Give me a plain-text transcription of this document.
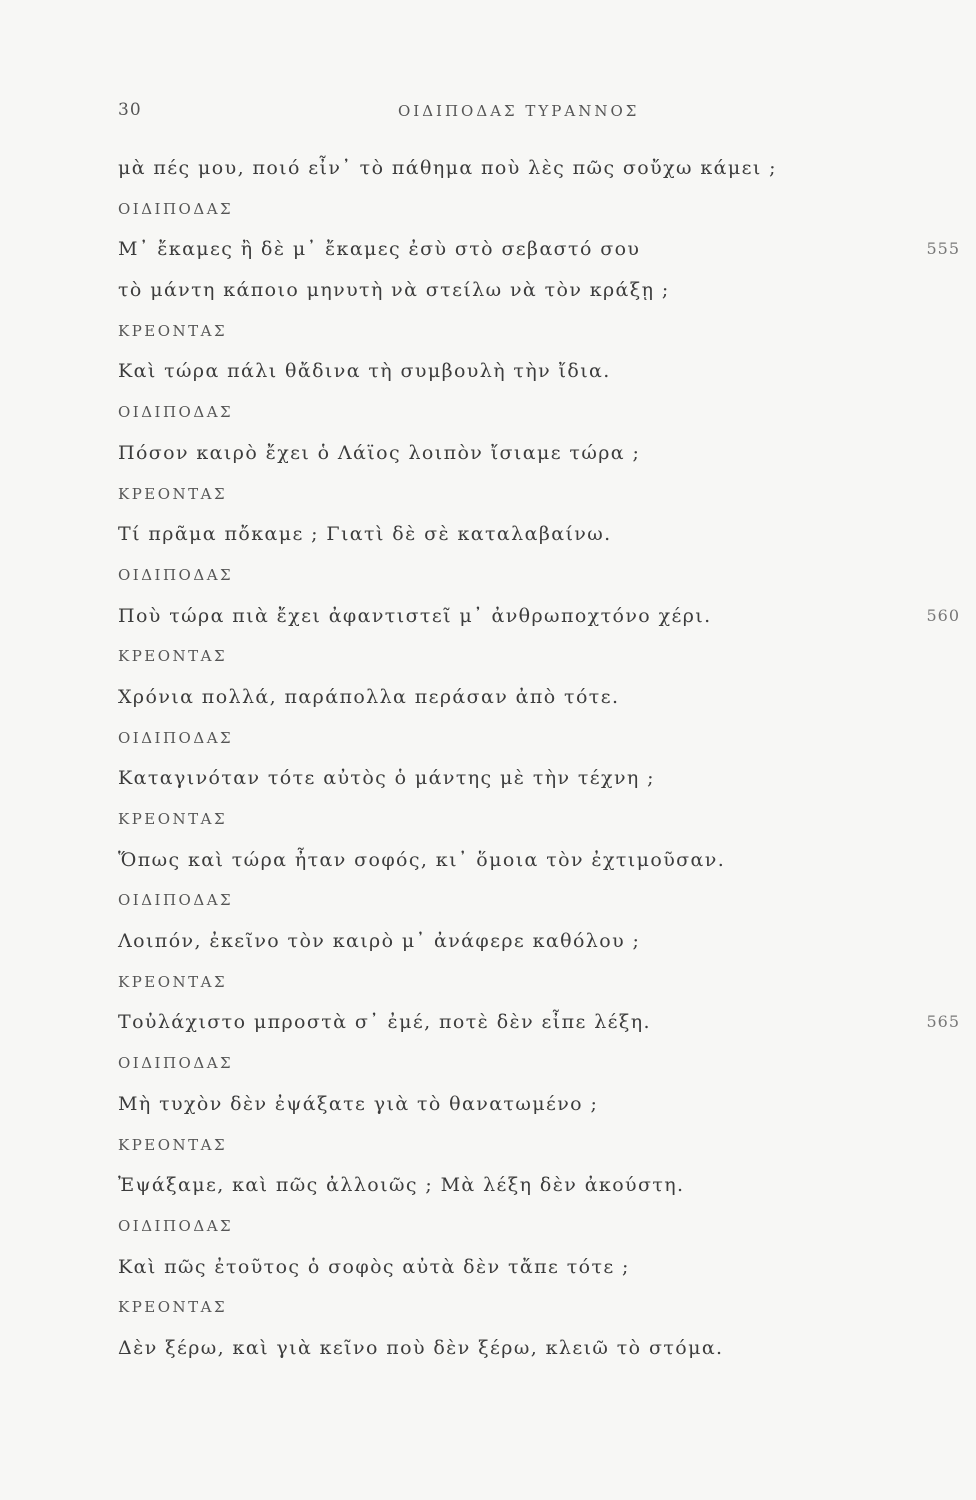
30	ΟΙΔΙΠΟΔΑΣ ΤΥΡΑΝΝΟΣ
μὰ πές μου, ποιό εἶν᾽ τὸ πάθημα ποὺ λὲς πῶς σοὔχω κάμει ;
ΟΙΔΙΠΟΔΑΣ
Μ᾽ ἔκαμες ἢ δὲ μ᾽ ἔκαμες ἐσὺ στὸ σεβαστό σου	555
τὸ μάντη κάποιο μηνυτὴ νὰ στείλω νὰ τὸν κράξῃ ;
ΚΡΕΟΝΤΑΣ
Καὶ τώρα πάλι θἄδινα τὴ συμβουλὴ τὴν ἴδια.
ΟΙΔΙΠΟΔΑΣ
Πόσον καιρὸ ἔχει ὁ Λάϊος λοιπὸν ἴσιαμε τώρα ;
ΚΡΕΟΝΤΑΣ
Τί πρᾶμα πὄκαμε ; Γιατὶ δὲ σὲ καταλαβαίνω.
ΟΙΔΙΠΟΔΑΣ
Ποὺ τώρα πιὰ ἔχει ἀφαντιστεῖ μ᾽ ἀνθρωποχτόνο χέρι.	560
ΚΡΕΟΝΤΑΣ
Χρόνια πολλά, παράπολλα περάσαν ἀπὸ τότε.
ΟΙΔΙΠΟΔΑΣ
Καταγινόταν τότε αὐτὸς ὁ μάντης μὲ τὴν τέχνη ;
ΚΡΕΟΝΤΑΣ
Ὅπως καὶ τώρα ἦταν σοφός, κι᾽ ὅμοια τὸν ἐχτιμοῦσαν.
ΟΙΔΙΠΟΔΑΣ
Λοιπόν, ἐκεῖνο τὸν καιρὸ μ᾽ ἀνάφερε καθόλου ;
ΚΡΕΟΝΤΑΣ
Τοὐλάχιστο μπροστὰ σ᾽ ἐμέ, ποτὲ δὲν εἶπε λέξη.	565
ΟΙΔΙΠΟΔΑΣ
Μὴ τυχὸν δὲν ἐψάξατε γιὰ τὸ θανατωμένο ;
ΚΡΕΟΝΤΑΣ
Ἐψάξαμε, καὶ πῶς ἀλλοιῶς ; Μὰ λέξη δὲν ἀκούστη.
ΟΙΔΙΠΟΔΑΣ
Καὶ πῶς ἐτοῦτος ὁ σοφὸς αὐτὰ δὲν τἄπε τότε ;
ΚΡΕΟΝΤΑΣ
Δὲν ξέρω, καὶ γιὰ κεῖνο ποὺ δὲν ξέρω, κλειῶ τὸ στόμα.
